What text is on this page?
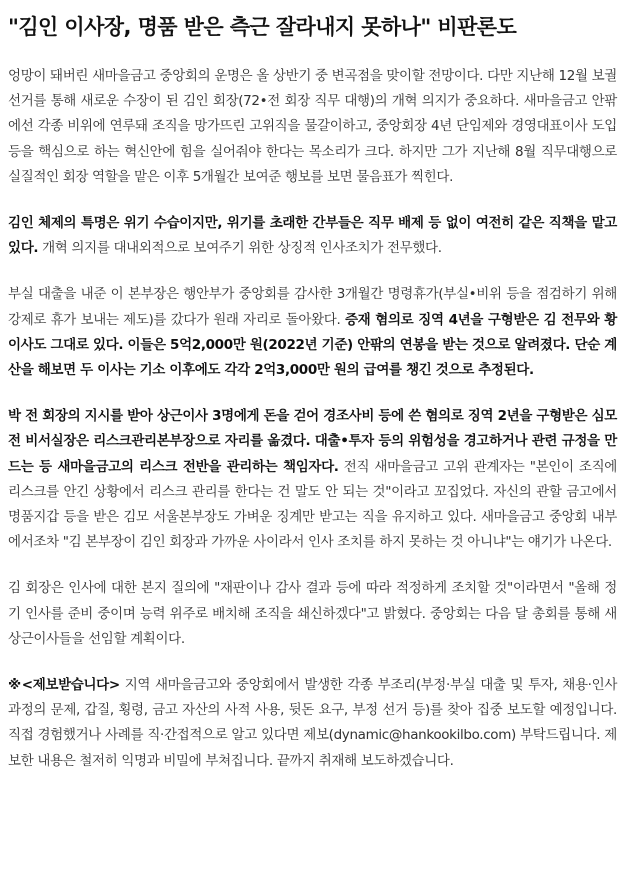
"김인 이사장, 명품 받은 측근 잘라내지 못하나" 비판론도

엉망이 돼버린 새마을금고 중앙회의 운명은 올 상반기 중 변곡점을 맞이할 전망이다. 다만 지난해 12월 보궐선거를 통해 새로운 수장이 된 김인 회장(72•전 회장 직무 대행)의 개혁 의지가 중요하다. 새마을금고 안팎에선 각종 비위에 연루돼 조직을 망가뜨린 고위직을 물갈이하고, 중앙회장 4년 단임제와 경영대표이사 도입 등을 핵심으로 하는 혁신안에 힘을 실어줘야 한다는 목소리가 크다. 하지만 그가 지난해 8월 직무대행으로 실질적인 회장 역할을 맡은 이후 5개월간 보여준 행보를 보면 물음표가 찍힌다.

김인 체제의 특명은 위기 수습이지만, 위기를 초래한 간부들은 직무 배제 등 없이 여전히 같은 직책을 맡고 있다. 개혁 의지를 대내외적으로 보여주기 위한 상징적 인사조치가 전무했다.

부실 대출을 내준 이 본부장은 행안부가 중앙회를 감사한 3개월간 명령휴가(부실•비위 등을 점검하기 위해 강제로 휴가 보내는 제도)를 갔다가 원래 자리로 돌아왔다. 증재 혐의로 징역 4년을 구형받은 김 전무와 황 이사도 그대로 있다. 이들은 5억2,000만 원(2022년 기준) 안팎의 연봉을 받는 것으로 알려졌다. 단순 계산을 해보면 두 이사는 기소 이후에도 각각 2억3,000만 원의 급여를 챙긴 것으로 추정된다.

박 전 회장의 지시를 받아 상근이사 3명에게 돈을 걷어 경조사비 등에 쓴 혐의로 징역 2년을 구형받은 심모 전 비서실장은 리스크관리본부장으로 자리를 옮겼다. 대출•투자 등의 위험성을 경고하거나 관련 규정을 만드는 등 새마을금고의 리스크 전반을 관리하는 책임자다. 전직 새마을금고 고위 관계자는 "본인이 조직에 리스크를 안긴 상황에서 리스크 관리를 한다는 건 말도 안 되는 것"이라고 꼬집었다. 자신의 관할 금고에서 명품지갑 등을 받은 김모 서울본부장도 가벼운 징계만 받고는 직을 유지하고 있다. 새마을금고 중앙회 내부에서조차 "김 본부장이 김인 회장과 가까운 사이라서 인사 조치를 하지 못하는 것 아니냐"는 얘기가 나온다.

김 회장은 인사에 대한 본지 질의에 "재판이나 감사 결과 등에 따라 적정하게 조치할 것"이라면서 "올해 정기 인사를 준비 중이며 능력 위주로 배치해 조직을 쇄신하겠다"고 밝혔다. 중앙회는 다음 달 총회를 통해 새 상근이사들을 선임할 계획이다.

※<제보받습니다> 지역 새마을금고와 중앙회에서 발생한 각종 부조리(부정·부실 대출 및 투자, 채용·인사 과정의 문제, 갑질, 횡령, 금고 자산의 사적 사용, 뒷돈 요구, 부정 선거 등)를 찾아 집중 보도할 예정입니다. 직접 경험했거나 사례를 직·간접적으로 알고 있다면 제보(dynamic@hankookilbo.com) 부탁드립니다. 제보한 내용은 철저히 익명과 비밀에 부쳐집니다. 끝까지 취재해 보도하겠습니다.
